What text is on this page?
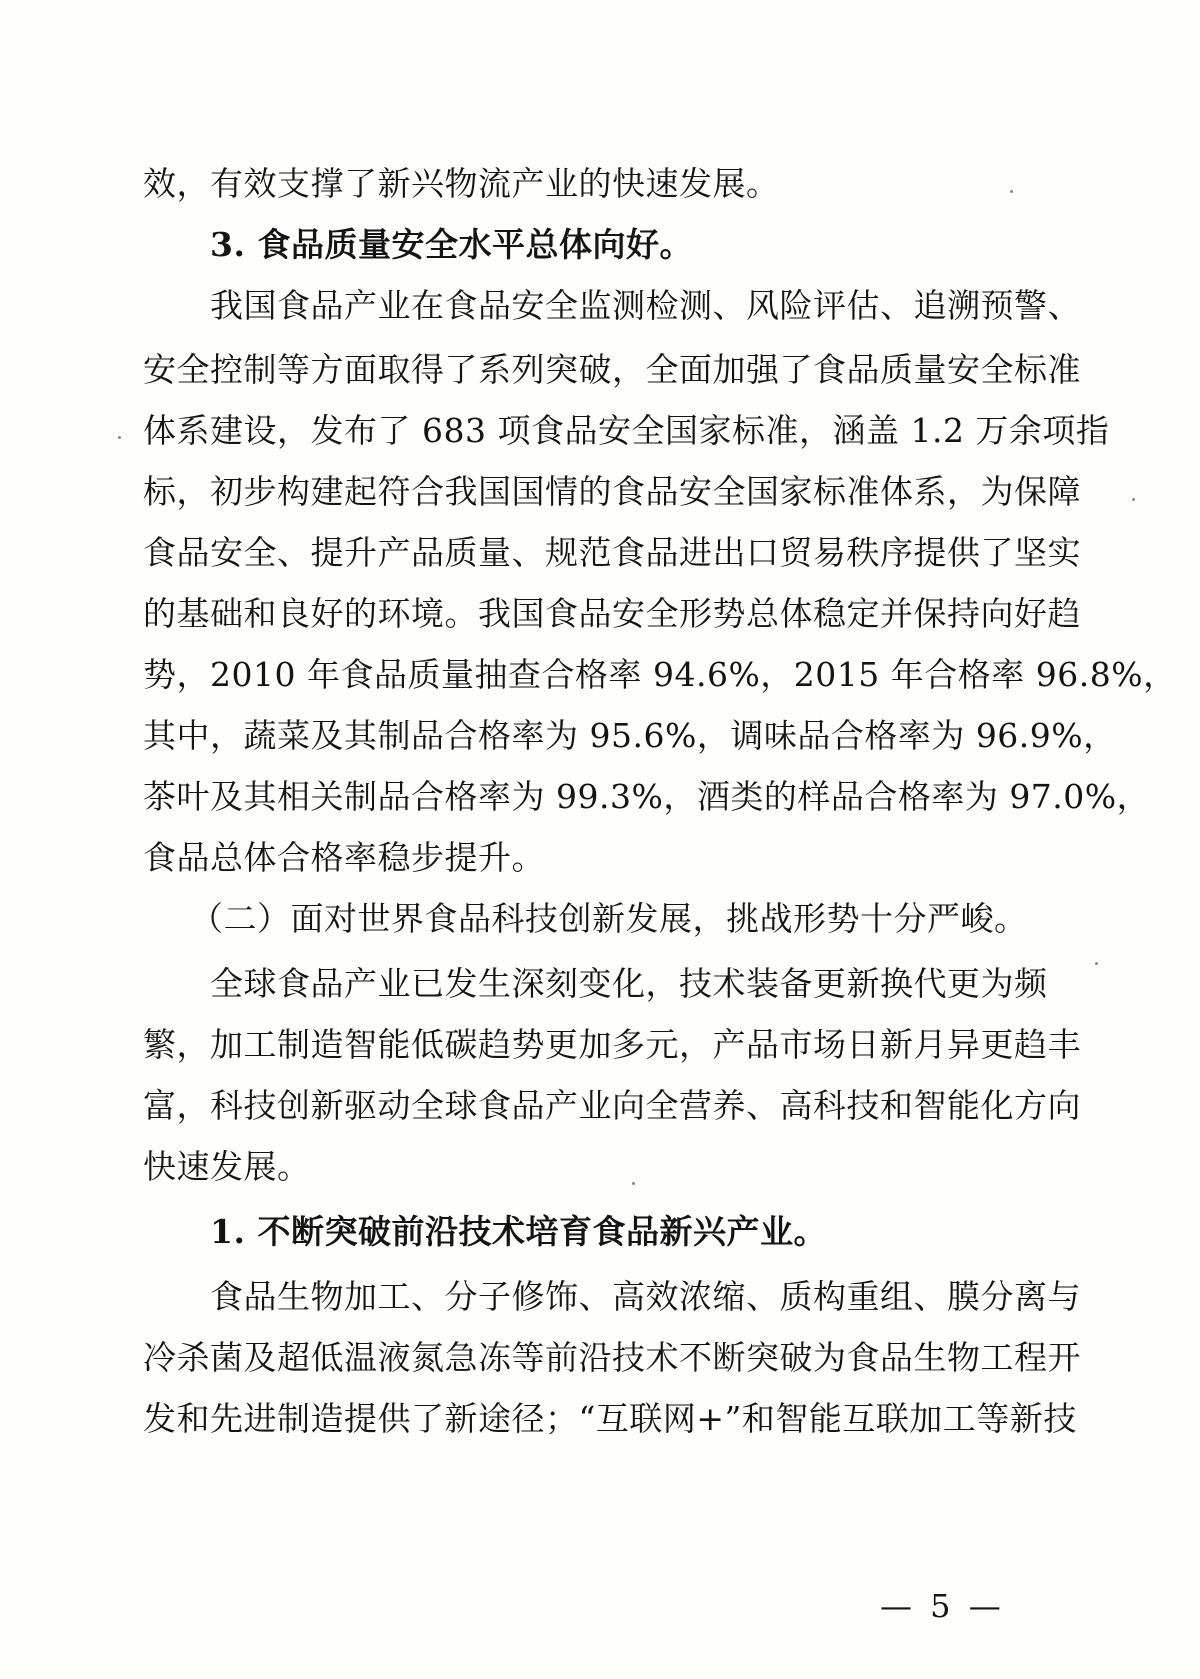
效，有效支撑了新兴物流产业的快速发展。
3. 食品质量安全水平总体向好。
我国食品产业在食品安全监测检测、风险评估、追溯预警、
安全控制等方面取得了系列突破，全面加强了食品质量安全标准
体系建设，发布了 683 项食品安全国家标准，涵盖 1.2 万余项指
标，初步构建起符合我国国情的食品安全国家标准体系，为保障
食品安全、提升产品质量、规范食品进出口贸易秩序提供了坚实
的基础和良好的环境。我国食品安全形势总体稳定并保持向好趋
势，2010 年食品质量抽查合格率 94.6%，2015 年合格率 96.8%，
其中，蔬菜及其制品合格率为 95.6%，调味品合格率为 96.9%，
茶叶及其相关制品合格率为 99.3%，酒类的样品合格率为 97.0%，
食品总体合格率稳步提升。
（二）面对世界食品科技创新发展，挑战形势十分严峻。
全球食品产业已发生深刻变化，技术装备更新换代更为频
繁，加工制造智能低碳趋势更加多元，产品市场日新月异更趋丰
富，科技创新驱动全球食品产业向全营养、高科技和智能化方向
快速发展。
1. 不断突破前沿技术培育食品新兴产业。
食品生物加工、分子修饰、高效浓缩、质构重组、膜分离与
冷杀菌及超低温液氮急冻等前沿技术不断突破为食品生物工程开
发和先进制造提供了新途径；“互联网+”和智能互联加工等新技
— 5 —
